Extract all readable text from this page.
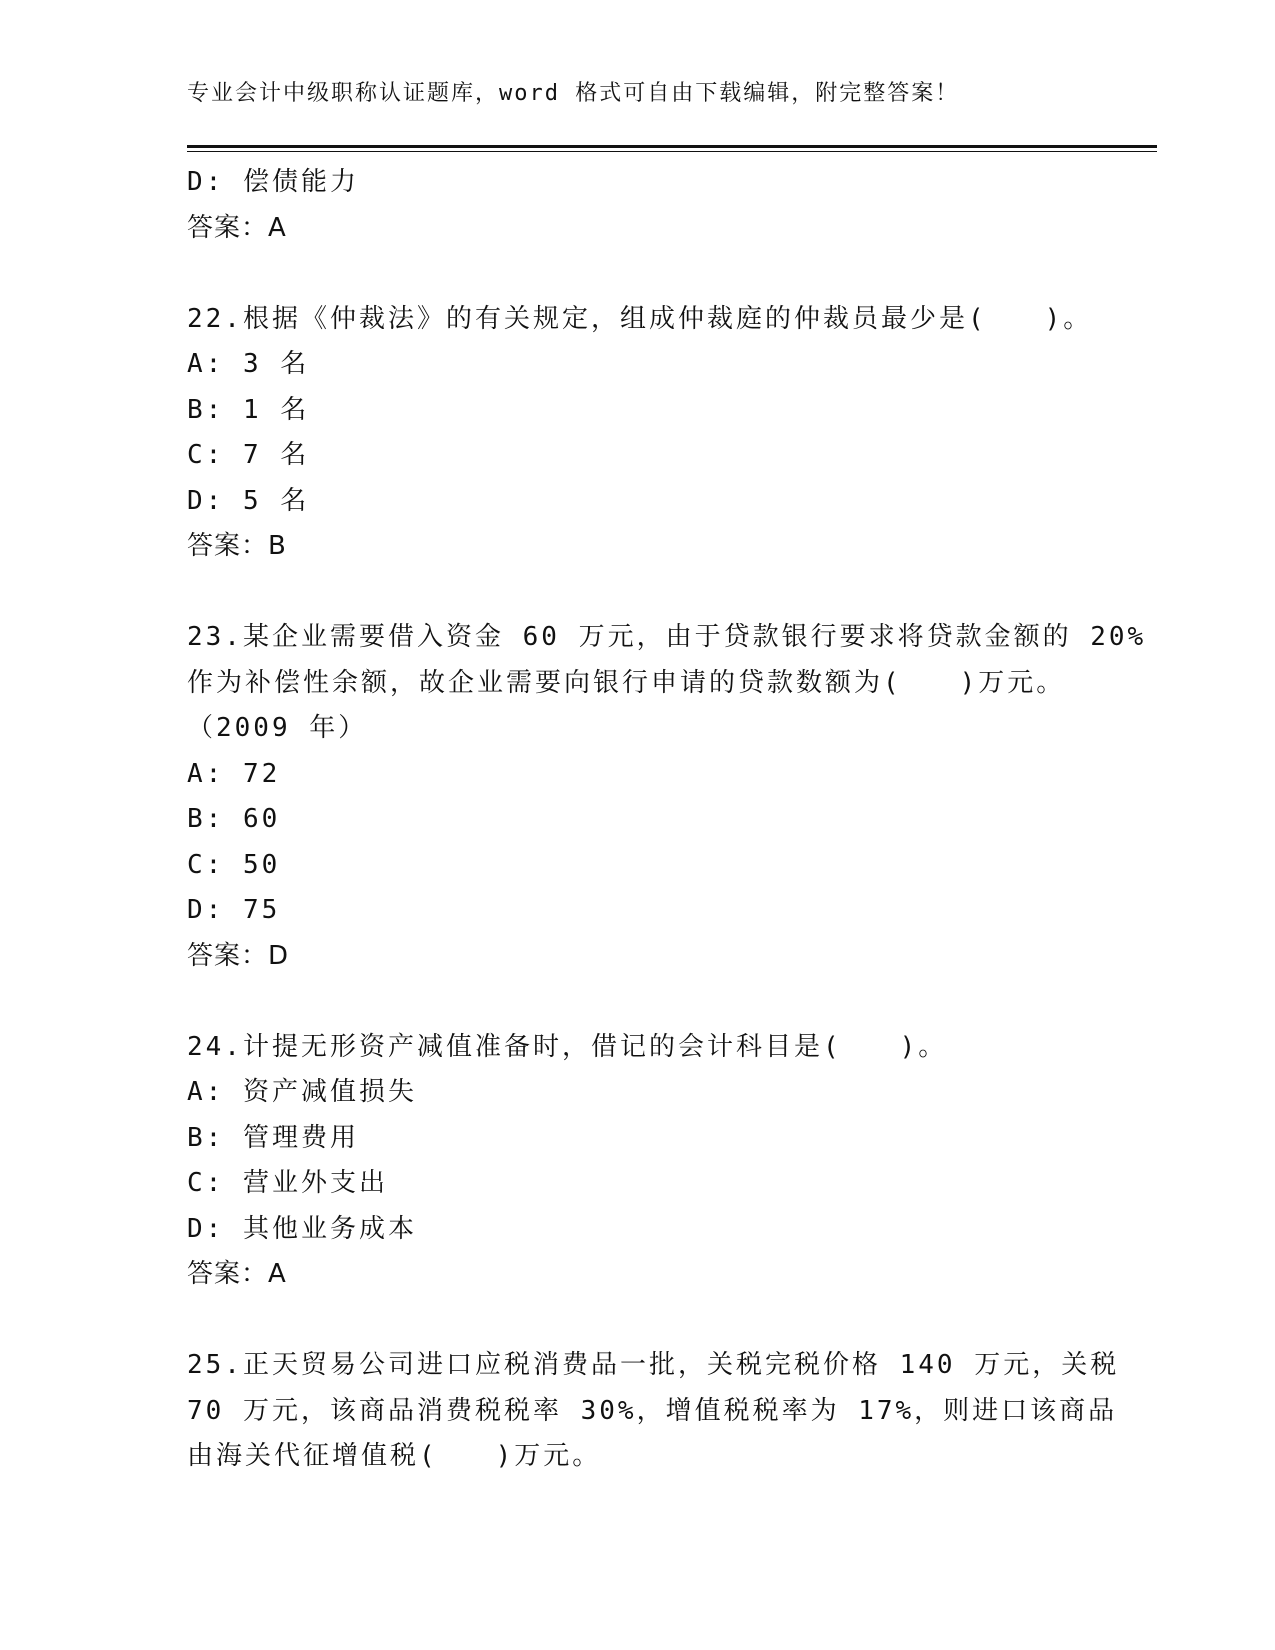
专业会计中级职称认证题库，word 格式可自由下载编辑，附完整答案！
D: 偿债能力
答案：A
22.根据《仲裁法》的有关规定，组成仲裁庭的仲裁员最少是(　　)。
A: 3 名
B: 1 名
C: 7 名
D: 5 名
答案：B
23.某企业需要借入资金 60 万元，由于贷款银行要求将贷款金额的 20%
作为补偿性余额，故企业需要向银行申请的贷款数额为(　　)万元。
（2009 年）
A: 72
B: 60
C: 50
D: 75
答案：D
24.计提无形资产减值准备时，借记的会计科目是(　　)。
A: 资产减值损失
B: 管理费用
C: 营业外支出
D: 其他业务成本
答案：A
25.正天贸易公司进口应税消费品一批，关税完税价格 140 万元，关税
70 万元，该商品消费税税率 30%，增值税税率为 17%，则进口该商品
由海关代征增值税(　　)万元。
